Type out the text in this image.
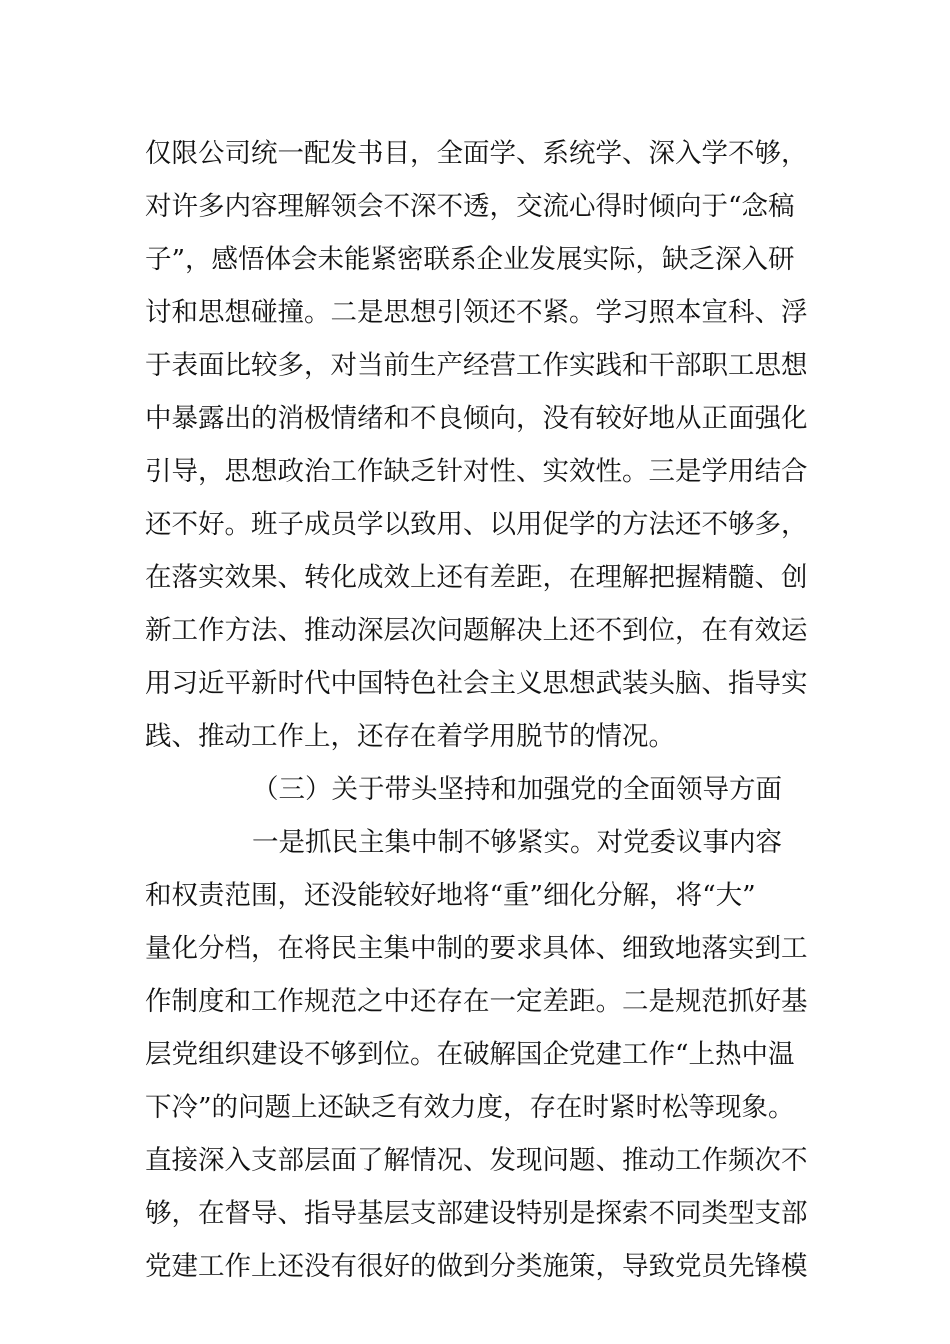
仅限公司统一配发书目，全面学、系统学、深入学不够，
对许多内容理解领会不深不透，交流心得时倾向于“念稿
子”，感悟体会未能紧密联系企业发展实际，缺乏深入研
讨和思想碰撞。二是思想引领还不紧。学习照本宣科、浮
于表面比较多，对当前生产经营工作实践和干部职工思想
中暴露出的消极情绪和不良倾向，没有较好地从正面强化
引导，思想政治工作缺乏针对性、实效性。三是学用结合
还不好。班子成员学以致用、以用促学的方法还不够多，
在落实效果、转化成效上还有差距，在理解把握精髓、创
新工作方法、推动深层次问题解决上还不到位，在有效运
用习近平新时代中国特色社会主义思想武装头脑、指导实
践、推动工作上，还存在着学用脱节的情况。
（三）关于带头坚持和加强党的全面领导方面
一是抓民主集中制不够紧实。对党委议事内容
和权责范围，还没能较好地将“重”细化分解，将“大”
量化分档，在将民主集中制的要求具体、细致地落实到工
作制度和工作规范之中还存在一定差距。二是规范抓好基
层党组织建设不够到位。在破解国企党建工作“上热中温
下冷”的问题上还缺乏有效力度，存在时紧时松等现象。
直接深入支部层面了解情况、发现问题、推动工作频次不
够，在督导、指导基层支部建设特别是探索不同类型支部
党建工作上还没有很好的做到分类施策，导致党员先锋模
